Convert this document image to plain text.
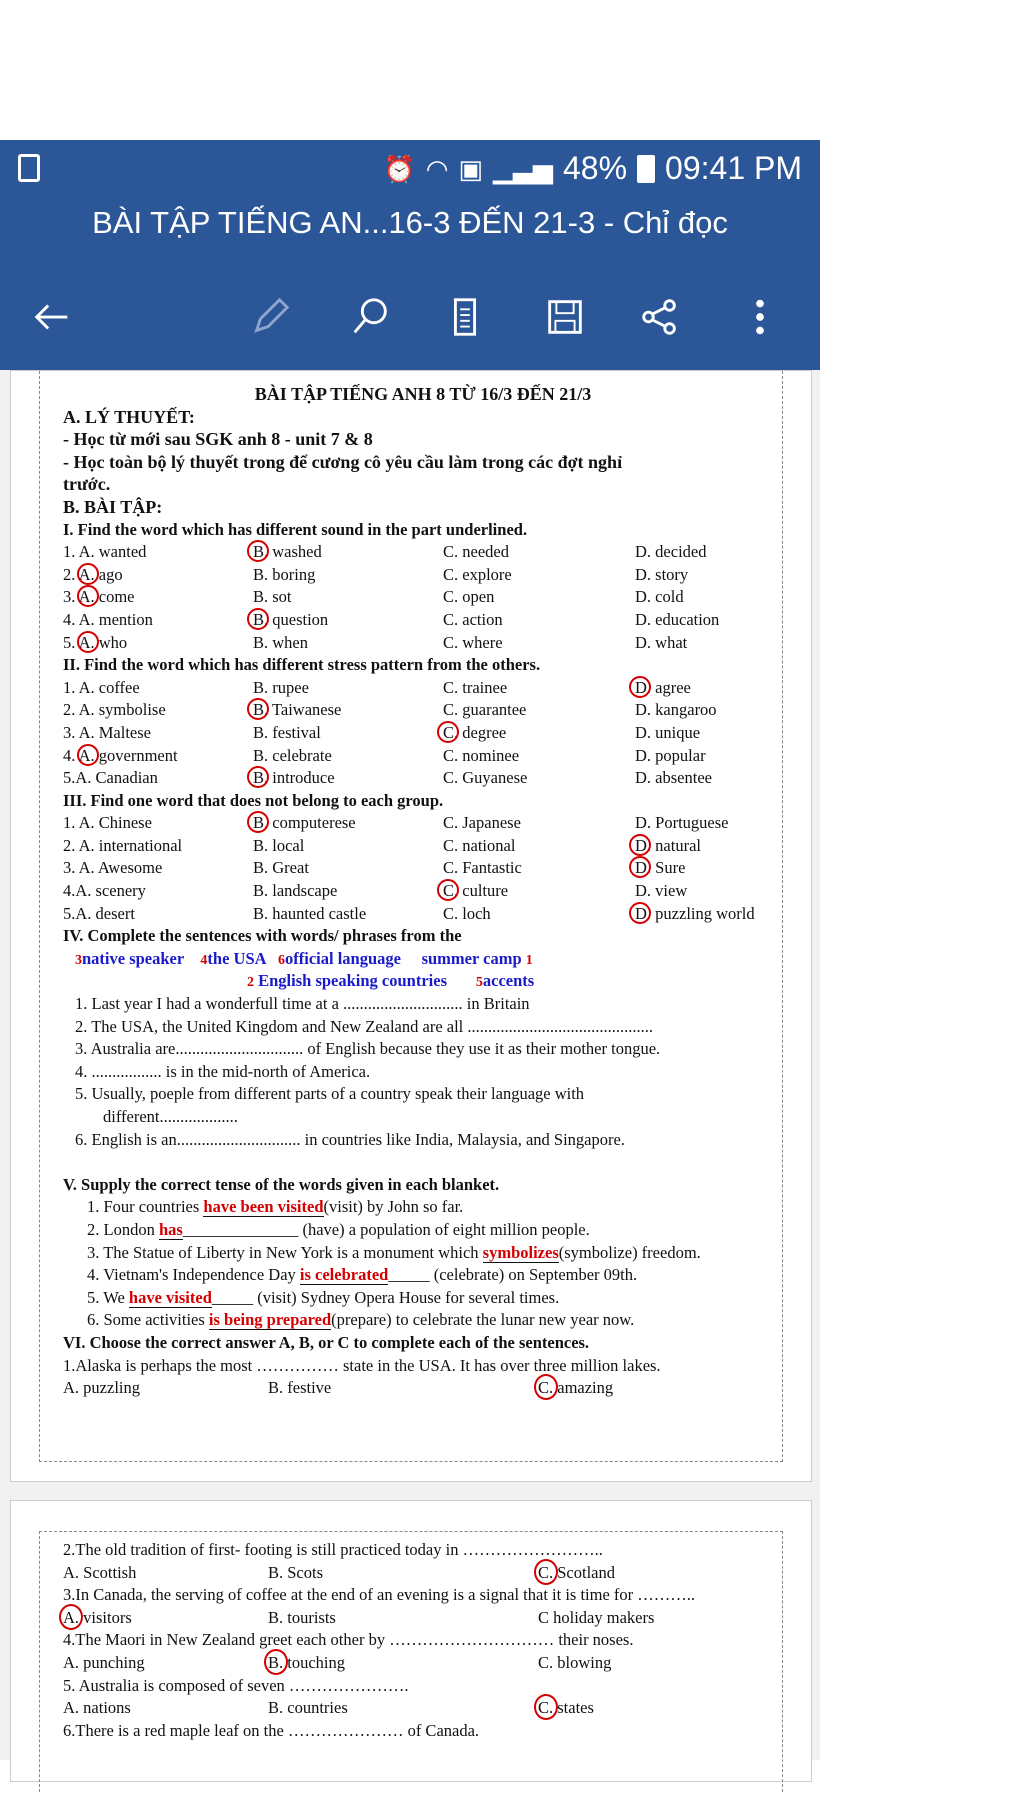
⏰ ◠ ▣ ▁▃▅ 48% 09:41 PM
BÀI TẬP TIẾNG AN...16-3 ĐẾN 21-3 - Chỉ đọc
BÀI TẬP TIẾNG ANH 8 TỪ 16/3 ĐẾN 21/3
A. LÝ THUYẾT:
- Học từ mới sau SGK anh 8 - unit 7 & 8
- Học toàn bộ lý thuyết trong để cương cô yêu cầu làm trong các đợt nghỉ
trước.
B. BÀI TẬP:
I. Find the word which has different sound in the part underlined.
1. A. wanted	B. washed	C. needed	D. decided
2. A. ago	B. boring	C. explore	D. story
3. A. come	B. sot	C. open	D. cold
4. A. mention	B. question	C. action	D. education
5. A. who	B. when	C. where	D. what
II. Find the word which has different stress pattern from the others.
1. A. coffee	B. rupee	C. trainee	D. agree
2. A. symbolise	B. Taiwanese	C. guarantee	D. kangaroo
3. A. Maltese	B. festival	C. degree	D. unique
4. A. government	B. celebrate	C. nominee	D. popular
5.A. Canadian	B. introduce	C. Guyanese	D. absentee
III. Find one word that does not belong to each group.
1. A. Chinese	B. computerese	C. Japanese	D. Portuguese
2. A. international	B. local	C. national	D. natural
3. A. Awesome	B. Great	C. Fantastic	D. Sure
4.A. scenery	B. landscape	C. culture	D. view
5.A. desert	B. haunted castle	C. loch	D. puzzling world
IV. Complete the sentences with words/ phrases from the
3native speaker 4the USA 6official language summer camp 1
2 English speaking countries 5accents
1. Last year I had a wonderfull time at a ............................. in Britain
2. The USA, the United Kingdom and New Zealand are all .............................................
3. Australia are............................... of English because they use it as their mother tongue.
4. ................. is in the mid-north of America.
5. Usually, poeple from different parts of a country speak their language with
different...................
6. English is an.............................. in countries like India, Malaysia, and Singapore.
V. Supply the correct tense of the words given in each blanket.
1. Four countries have been visited(visit) by John so far.
2. London has______________ (have) a population of eight million people.
3. The Statue of Liberty in New York is a monument which symbolizes(symbolize) freedom.
4. Vietnam's Independence Day is celebrated_____ (celebrate) on September 09th.
5. We have visited_____ (visit) Sydney Opera House for several times.
6. Some activities is being prepared(prepare) to celebrate the lunar new year now.
VI. Choose the correct answer A, B, or C to complete each of the sentences.
1.Alaska is perhaps the most …………… state in the USA. It has over three million lakes.
A. puzzling	B. festive	C. amazing
2.The old tradition of first- footing is still practiced today in ……………………..
A. Scottish	B. Scots	C. Scotland
3.In Canada, the serving of coffee at the end of an evening is a signal that it is time for ………..
A. visitors	B. tourists	C holiday makers
4.The Maori in New Zealand greet each other by ………………………… their noses.
A. punching	B. touching	C. blowing
5. Australia is composed of seven ………………….
A. nations	B. countries	C. states
6.There is a red maple leaf on the ………………… of Canada.
